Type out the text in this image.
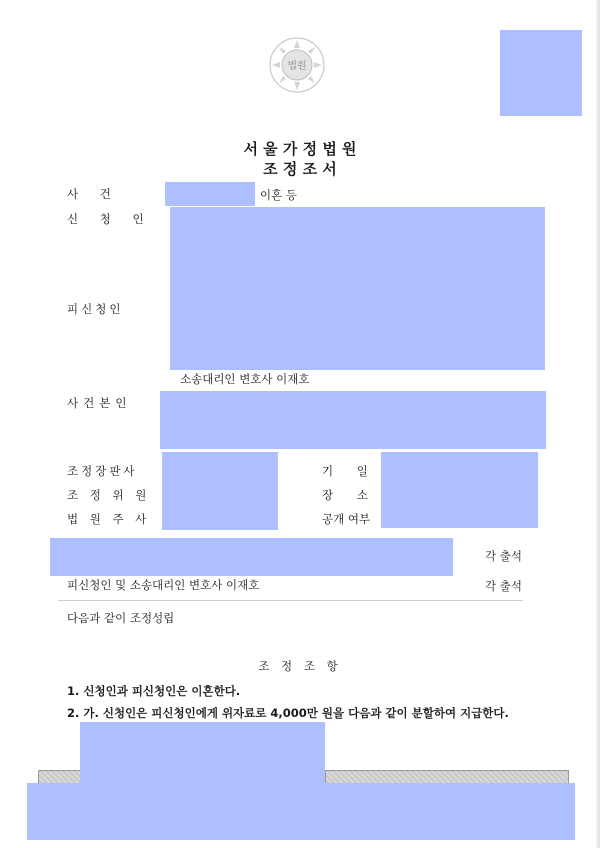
법원
서 울 가 정 법 원
조 정 조 서
사 건	이혼 등
신 청 인
피신청인
소송대리인 변호사 이재호
사건본인
조정장판사
조 정 위 원
법 원 주 사
기 일
장 소
공개 여부
각 출석
피신청인 및 소송대리인 변호사 이재호	각 출석
다음과 같이 조정성립
조 정 조 항
1. 신청인과 피신청인은 이혼한다.
2. 가. 신청인은 피신청인에게 위자료로 4,000만 원을 다음과 같이 분할하여 지급한다.
